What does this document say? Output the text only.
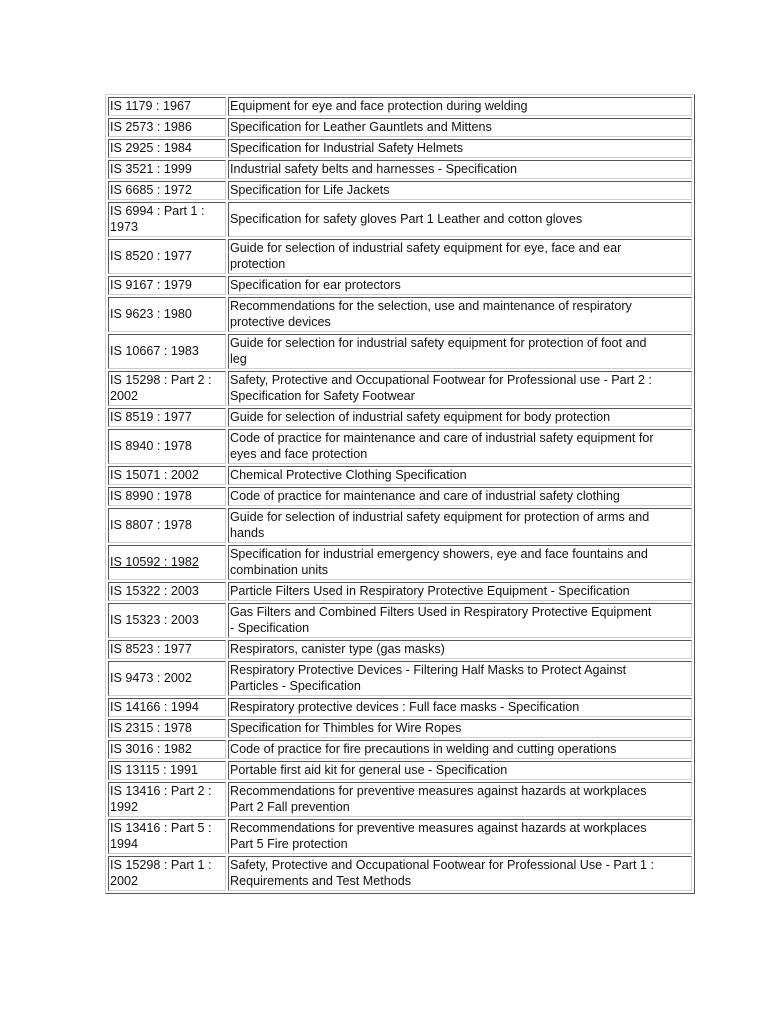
IS 1179 : 1967	Equipment for eye and face protection during welding
IS 2573 : 1986	Specification for Leather Gauntlets and Mittens
IS 2925 : 1984	Specification for Industrial Safety Helmets
IS 3521 : 1999	Industrial safety belts and harnesses - Specification
IS 6685 : 1972	Specification for Life Jackets
IS 6994 : Part 1 :
1973	Specification for safety gloves Part 1 Leather and cotton gloves
IS 8520 : 1977	Guide for selection of industrial safety equipment for eye, face and ear
protection
IS 9167 : 1979	Specification for ear protectors
IS 9623 : 1980	Recommendations for the selection, use and maintenance of respiratory
protective devices
IS 10667 : 1983	Guide for selection for industrial safety equipment for protection of foot and
leg
IS 15298 : Part 2 :
2002	Safety, Protective and Occupational Footwear for Professional use - Part 2 :
Specification for Safety Footwear
IS 8519 : 1977	Guide for selection of industrial safety equipment for body protection
IS 8940 : 1978	Code of practice for maintenance and care of industrial safety equipment for
eyes and face protection
IS 15071 : 2002	Chemical Protective Clothing Specification
IS 8990 : 1978	Code of practice for maintenance and care of industrial safety clothing
IS 8807 : 1978	Guide for selection of industrial safety equipment for protection of arms and
hands
IS 10592 : 1982	Specification for industrial emergency showers, eye and face fountains and
combination units
IS 15322 : 2003	Particle Filters Used in Respiratory Protective Equipment - Specification
IS 15323 : 2003	Gas Filters and Combined Filters Used in Respiratory Protective Equipment
- Specification
IS 8523 : 1977	Respirators, canister type (gas masks)
IS 9473 : 2002	Respiratory Protective Devices - Filtering Half Masks to Protect Against
Particles - Specification
IS 14166 : 1994	Respiratory protective devices : Full face masks - Specification
IS 2315 : 1978	Specification for Thimbles for Wire Ropes
IS 3016 : 1982	Code of practice for fire precautions in welding and cutting operations
IS 13115 : 1991	Portable first aid kit for general use - Specification
IS 13416 : Part 2 :
1992	Recommendations for preventive measures against hazards at workplaces
Part 2 Fall prevention
IS 13416 : Part 5 :
1994	Recommendations for preventive measures against hazards at workplaces
Part 5 Fire protection
IS 15298 : Part 1 :
2002	Safety, Protective and Occupational Footwear for Professional Use - Part 1 :
Requirements and Test Methods
